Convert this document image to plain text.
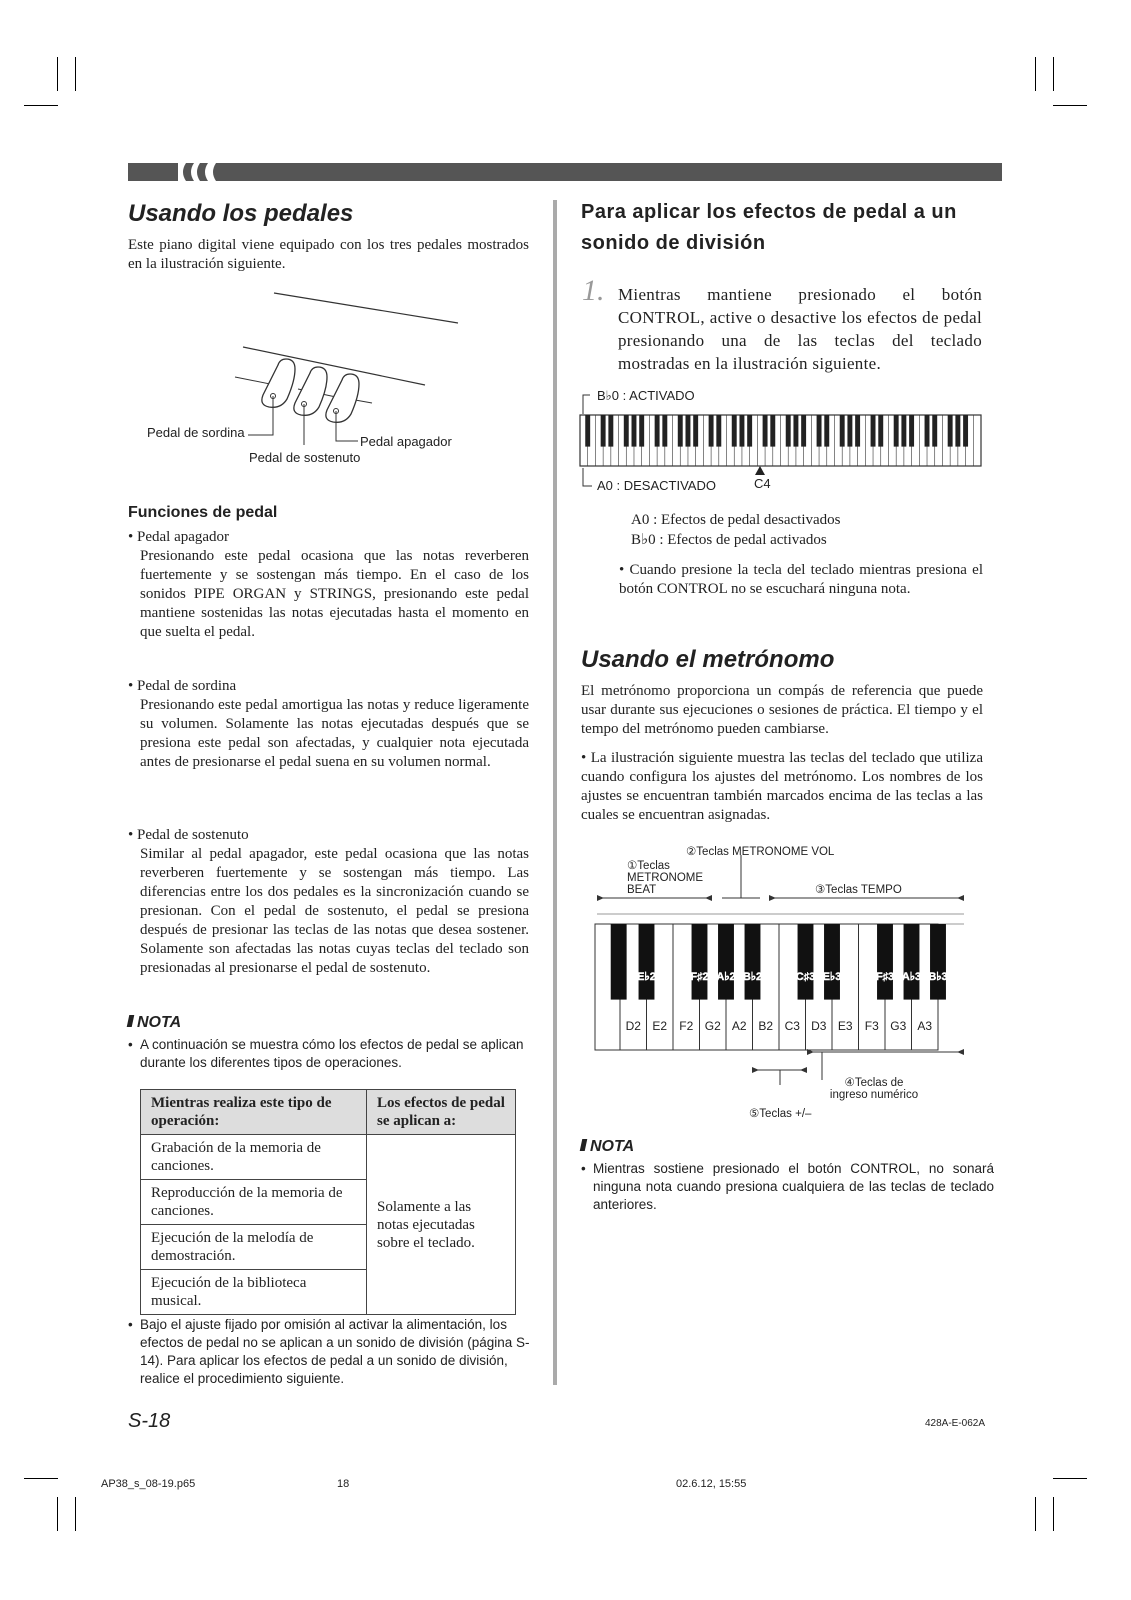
Usando los pedales
Este piano digital viene equipado con los tres pedales mostrados en la ilustración siguiente.
Pedal de sordina
Pedal apagador
Pedal de sostenuto
Funciones de pedal
• Pedal apagador
Presionando este pedal ocasiona que las notas reverberen fuertemente y se sostengan más tiempo. En el caso de los sonidos PIPE ORGAN y STRINGS, presionando este pedal mantiene sostenidas las notas ejecutadas hasta el momento en que suelta el pedal.
• Pedal de sordina
Presionando este pedal amortigua las notas y reduce ligeramente su volumen. Solamente las notas ejecutadas después que se presiona este pedal son afectadas, y cualquier nota ejecutada antes de presionarse el pedal suena en su volumen normal.
• Pedal de sostenuto
Similar al pedal apagador, este pedal ocasiona que las notas reverberen fuertemente y se sostengan más tiempo. Las diferencias entre los dos pedales es la sincronización cuando se presionan. Con el pedal de sostenuto, el pedal se presiona después de presionar las teclas de las notas que desea sostener. Solamente son afectadas las notas cuyas teclas del teclado son presionadas al presionarse el pedal de sostenuto.
NOTA
• A continuación se muestra cómo los efectos de pedal se aplican durante los diferentes tipos de operaciones.
Mientras realiza este tipo de operación:	Los efectos de pedal se aplican a:
Grabación de la memoria de canciones.	Solamente a las notas ejecutadas sobre el teclado.
Reproducción de la memoria de canciones.	
Ejecución de la melodía de demostración.	
Ejecución de la biblioteca musical.	
• Bajo el ajuste fijado por omisión al activar la alimentación, los efectos de pedal no se aplican a un sonido de división (página S-14). Para aplicar los efectos de pedal a un sonido de división, realice el procedimiento siguiente.
Para aplicar los efectos de pedal a un sonido de división
1. Mientras mantiene presionado el botón CONTROL, active o desactive los efectos de pedal presionando una de las teclas del teclado mostradas en la ilustración siguiente.
B♭0 : ACTIVADO
A0 : DESACTIVADO	C4
A0 : Efectos de pedal desactivados
B♭0 : Efectos de pedal activados
• Cuando presione la tecla del teclado mientras presiona el botón CONTROL no se escuchará ninguna nota.
Usando el metrónomo
El metrónomo proporciona un compás de referencia que puede usar durante sus ejecuciones o sesiones de práctica. El tiempo y el tempo del metrónomo pueden cambiarse.
• La ilustración siguiente muestra las teclas del teclado que utiliza cuando configura los ajustes del metrónomo. Los nombres de los ajustes se encuentran también marcados encima de las teclas a las cuales se encuentran asignadas.
②Teclas METRONOME VOL
①Teclas METRONOME BEAT	③Teclas TEMPO
④Teclas de ingreso numérico
⑤Teclas +/–
D2 E2 F2 G2 A2 B2 C3 D3 E3 F3 G3 A3
E♭2	F♯2 A♭2 B♭2	C♯3 E♭3	F♯3 A♭3 B♭3
NOTA
• Mientras sostiene presionado el botón CONTROL, no sonará ninguna nota cuando presiona cualquiera de las teclas de teclado anteriores.
S-18	428A-E-062A
AP38_s_08-19.p65	18	02.6.12, 15:55
